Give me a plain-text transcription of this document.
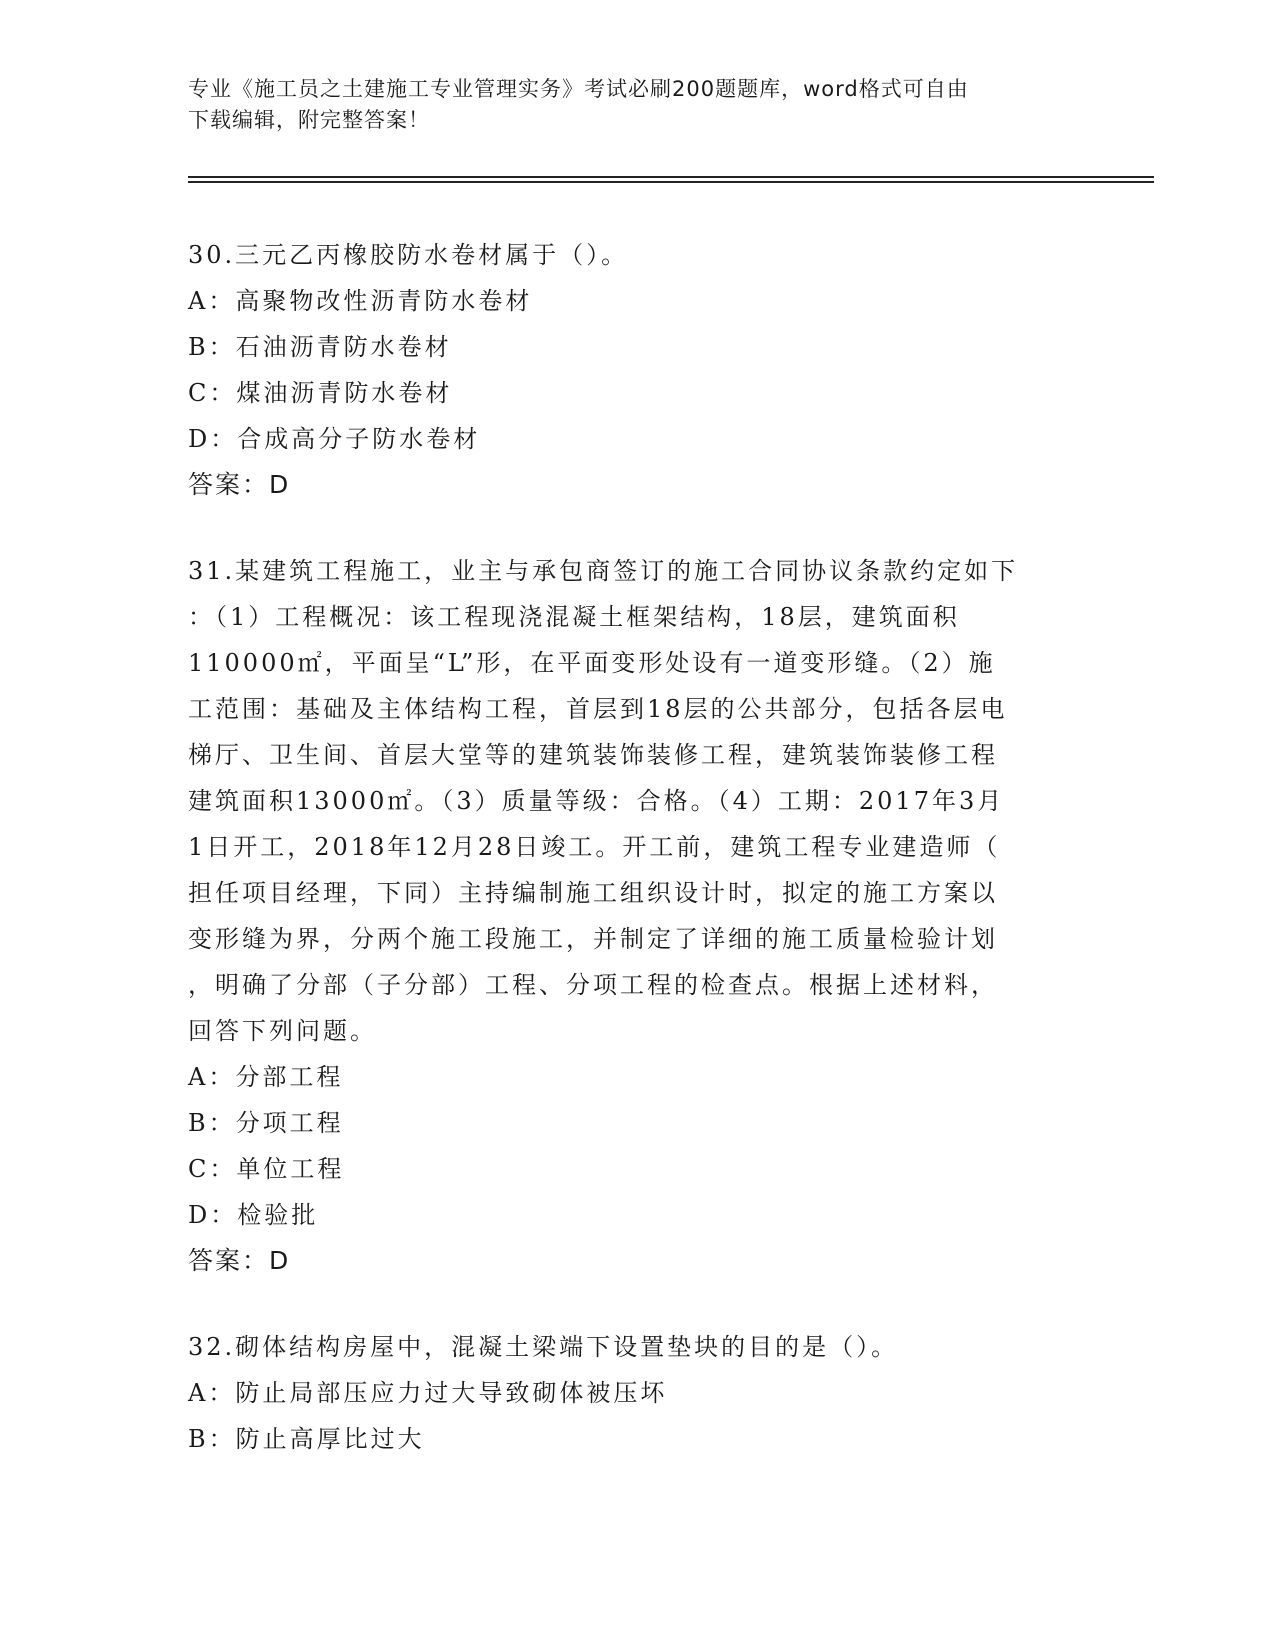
专业《施工员之土建施工专业管理实务》考试必刷200题题库，word格式可自由
下载编辑，附完整答案！
30.三元乙丙橡胶防水卷材属于（）。
A：高聚物改性沥青防水卷材
B：石油沥青防水卷材
C：煤油沥青防水卷材
D：合成高分子防水卷材
答案：D
31.某建筑工程施工，业主与承包商签订的施工合同协议条款约定如下
：（1）工程概况：该工程现浇混凝土框架结构，18层，建筑面积
110000㎡，平面呈“L”形，在平面变形处设有一道变形缝。（2）施
工范围：基础及主体结构工程，首层到18层的公共部分，包括各层电
梯厅、卫生间、首层大堂等的建筑装饰装修工程，建筑装饰装修工程
建筑面积13000㎡。（3）质量等级：合格。（4）工期：2017年3月
1日开工，2018年12月28日竣工。开工前，建筑工程专业建造师（
担任项目经理，下同）主持编制施工组织设计时，拟定的施工方案以
变形缝为界，分两个施工段施工，并制定了详细的施工质量检验计划
，明确了分部（子分部）工程、分项工程的检查点。根据上述材料，
回答下列问题。
A：分部工程
B：分项工程
C：单位工程
D：检验批
答案：D
32.砌体结构房屋中，混凝土梁端下设置垫块的目的是（）。
A：防止局部压应力过大导致砌体被压坏
B：防止高厚比过大
